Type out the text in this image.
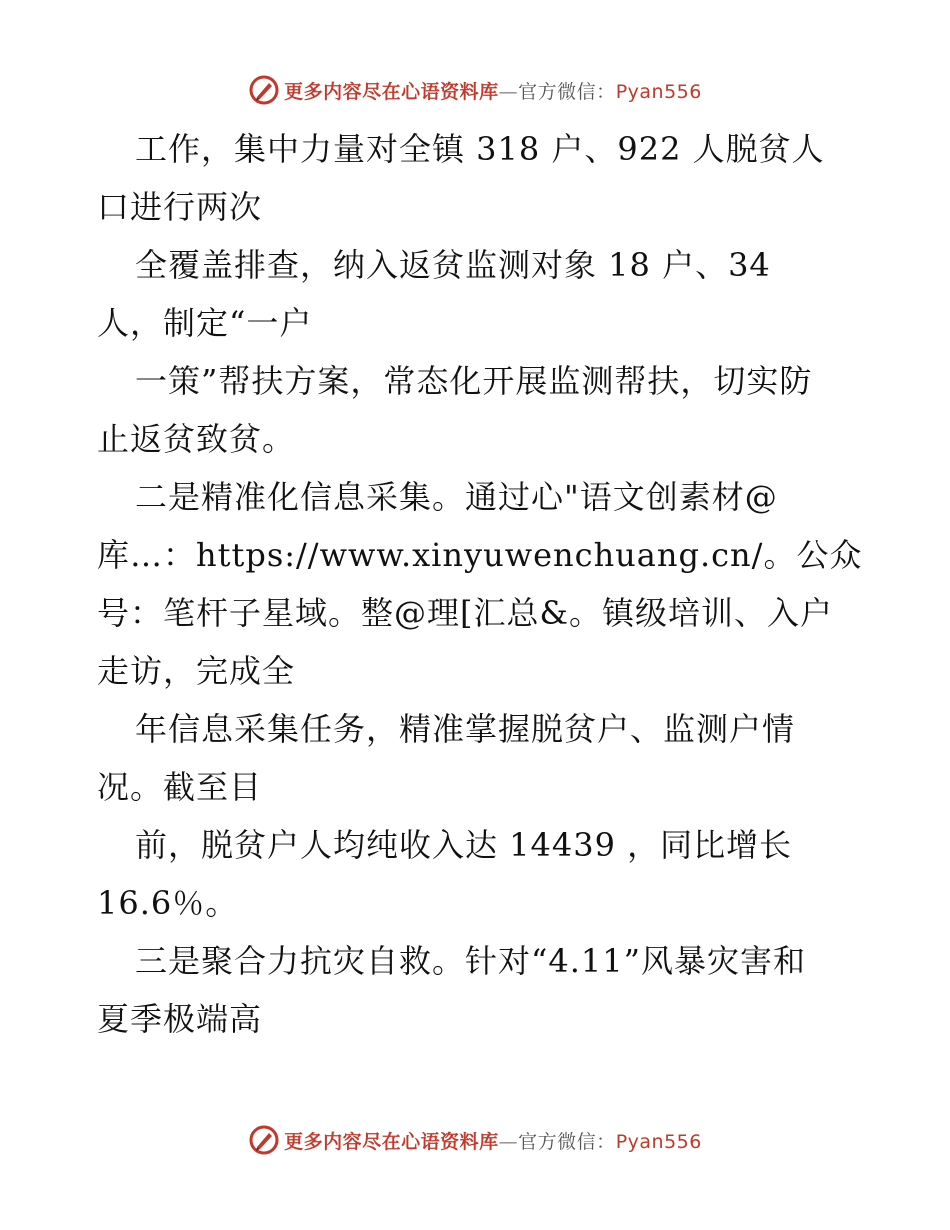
更多内容尽在心语资料库—官方微信：Pyan556
工作，集中力量对全镇 318 户、922 人脱贫人
口进行两次
全覆盖排查，纳入返贫监测对象 18 户、34
人，制定“一户
一策”帮扶方案，常态化开展监测帮扶，切实防
止返贫致贫。
二是精准化信息采集。通过心"语文创素材@
库…：https://www.xinyuwenchuang.cn/。公众
号：笔杆子星域。整@理[汇总&。镇级培训、入户
走访，完成全
年信息采集任务，精准掌握脱贫户、监测户情
况。截至目
前，脱贫户人均纯收入达 14439 ，同比增长
16.6％。
三是聚合力抗灾自救。针对“4.11”风暴灾害和
夏季极端高
更多内容尽在心语资料库—官方微信：Pyan556
